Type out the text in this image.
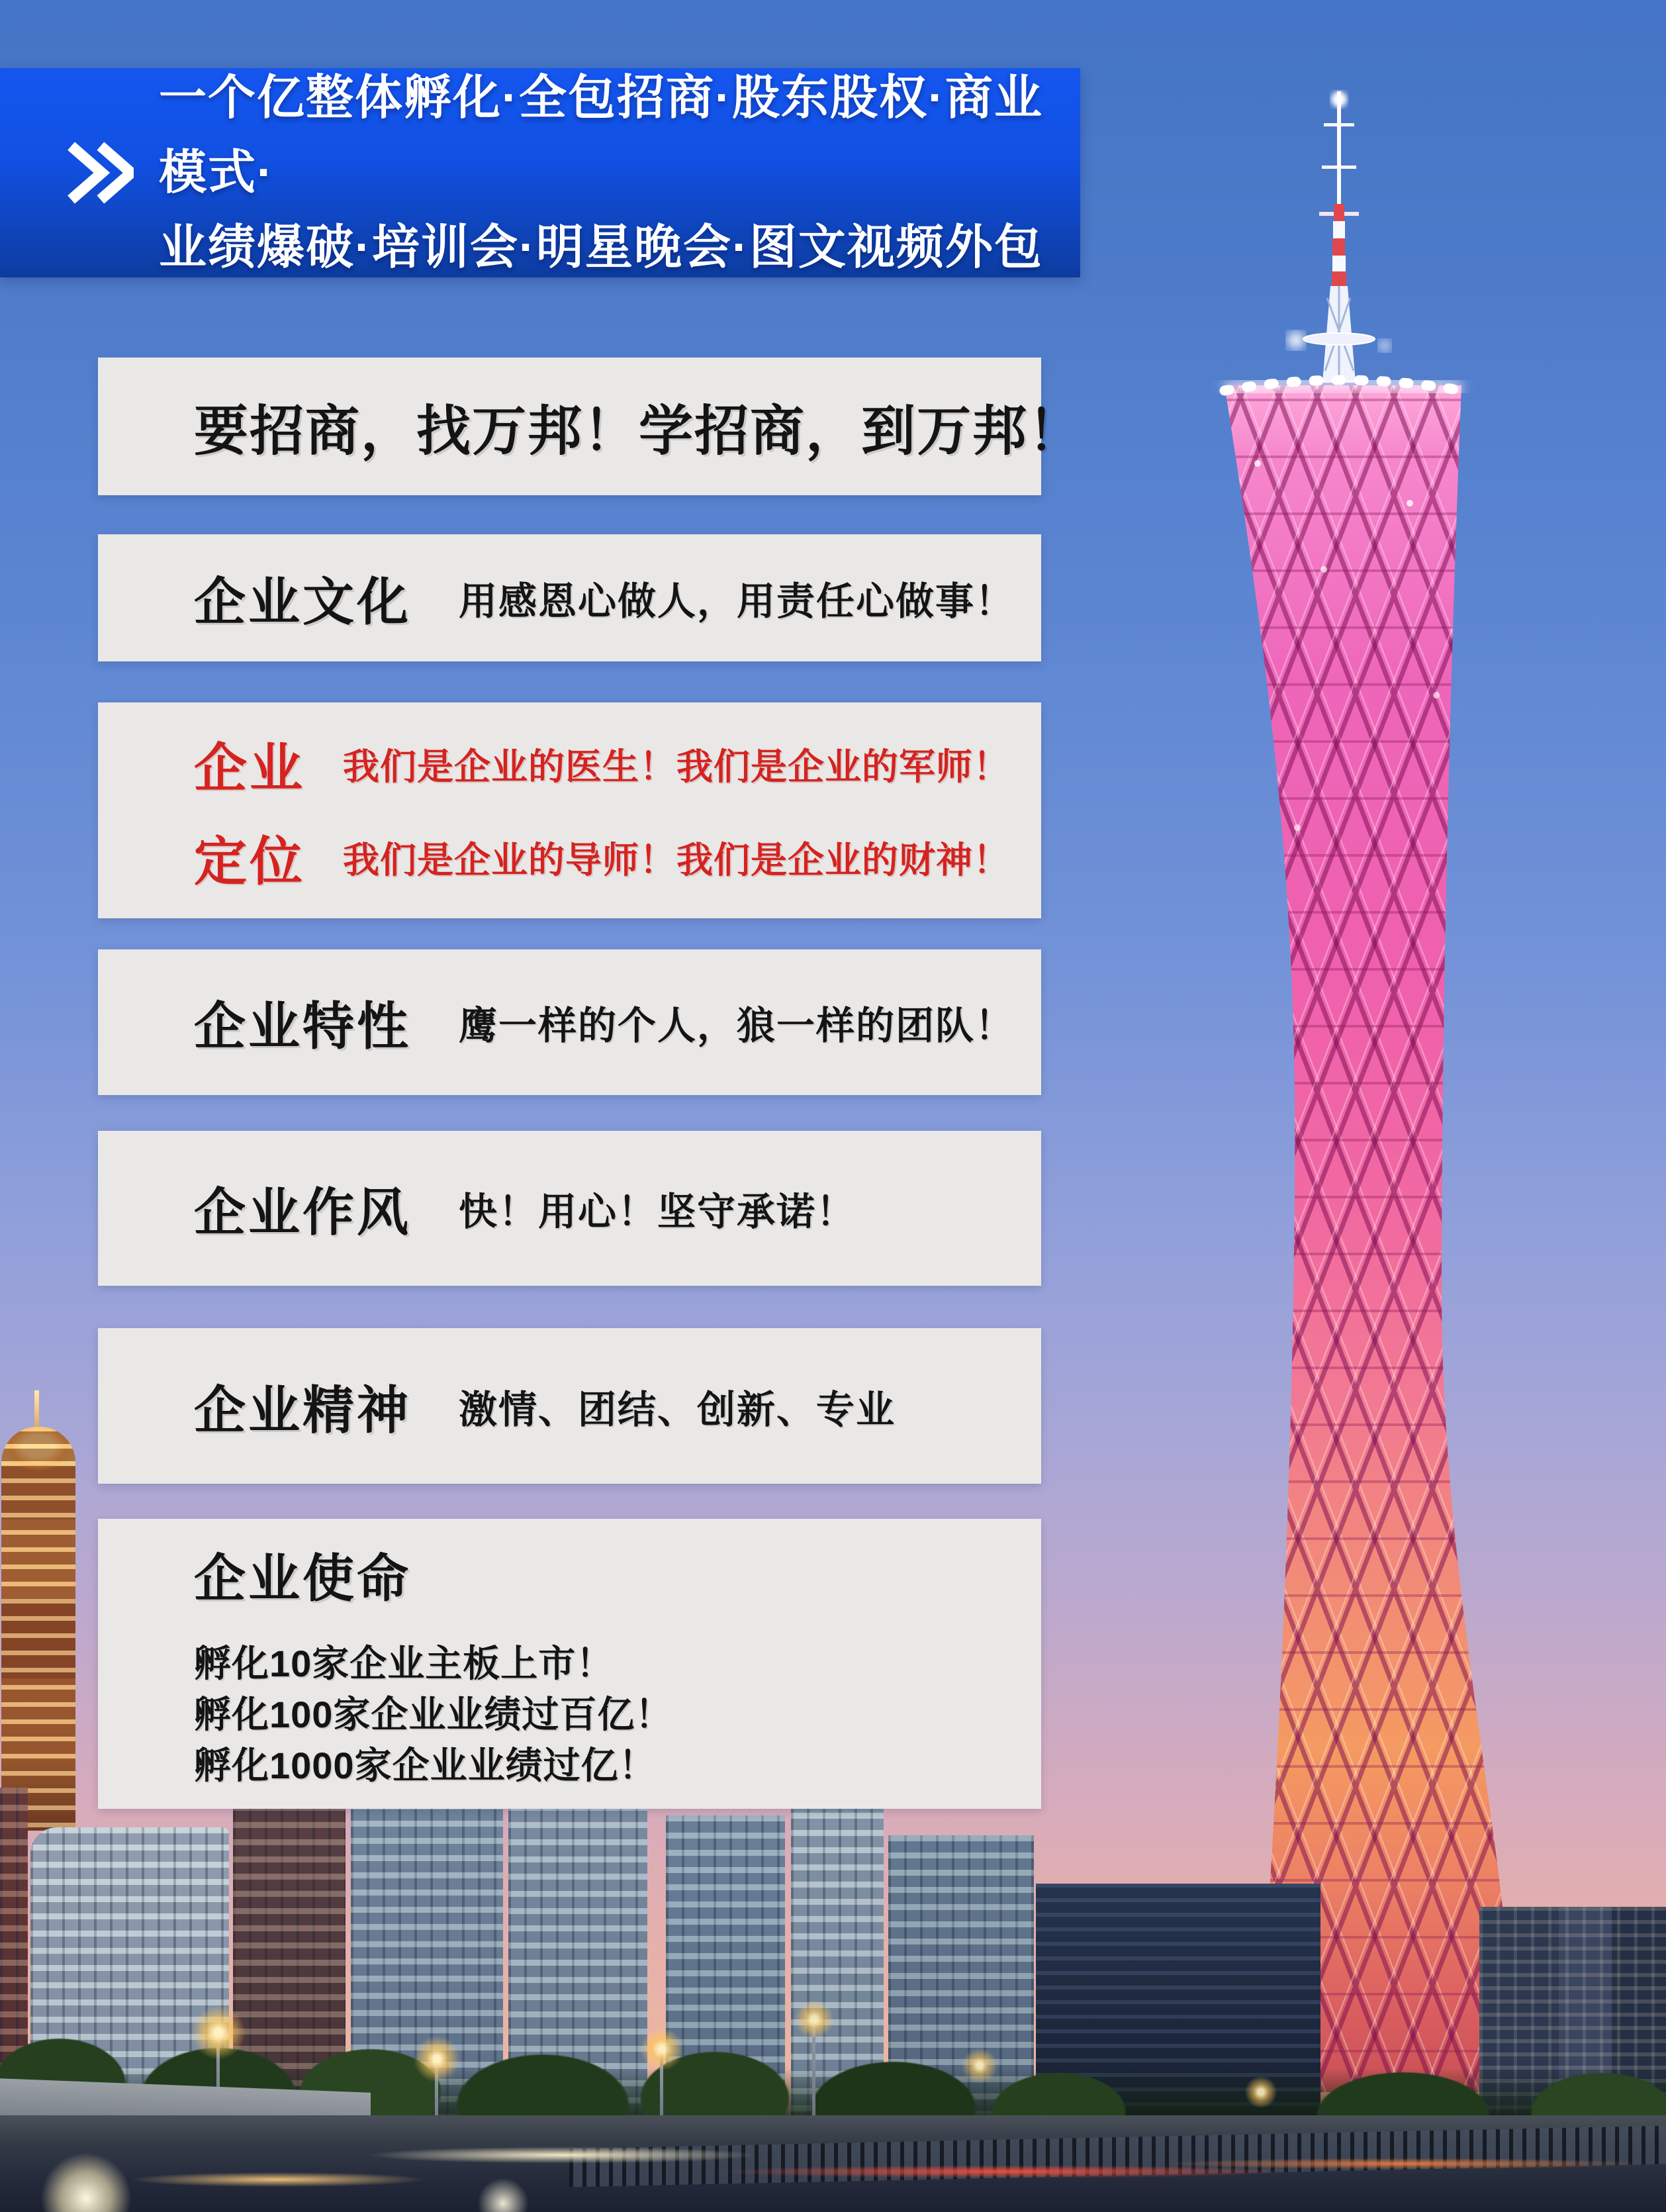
一个亿整体孵化·全包招商·股东股权·商业模式·
业绩爆破·培训会·明星晚会·图文视频外包
要招商，找万邦！学招商，到万邦！
企业文化 用感恩心做人，用责任心做事！
企业	我们是企业的医生！我们是企业的军师！
定位	我们是企业的导师！我们是企业的财神！
企业特性 鹰一样的个人，狼一样的团队！
企业作风 快！用心！坚守承诺！
企业精神 激情、团结、创新、专业
企业使命
孵化10家企业主板上市！
孵化100家企业业绩过百亿！
孵化1000家企业业绩过亿！
